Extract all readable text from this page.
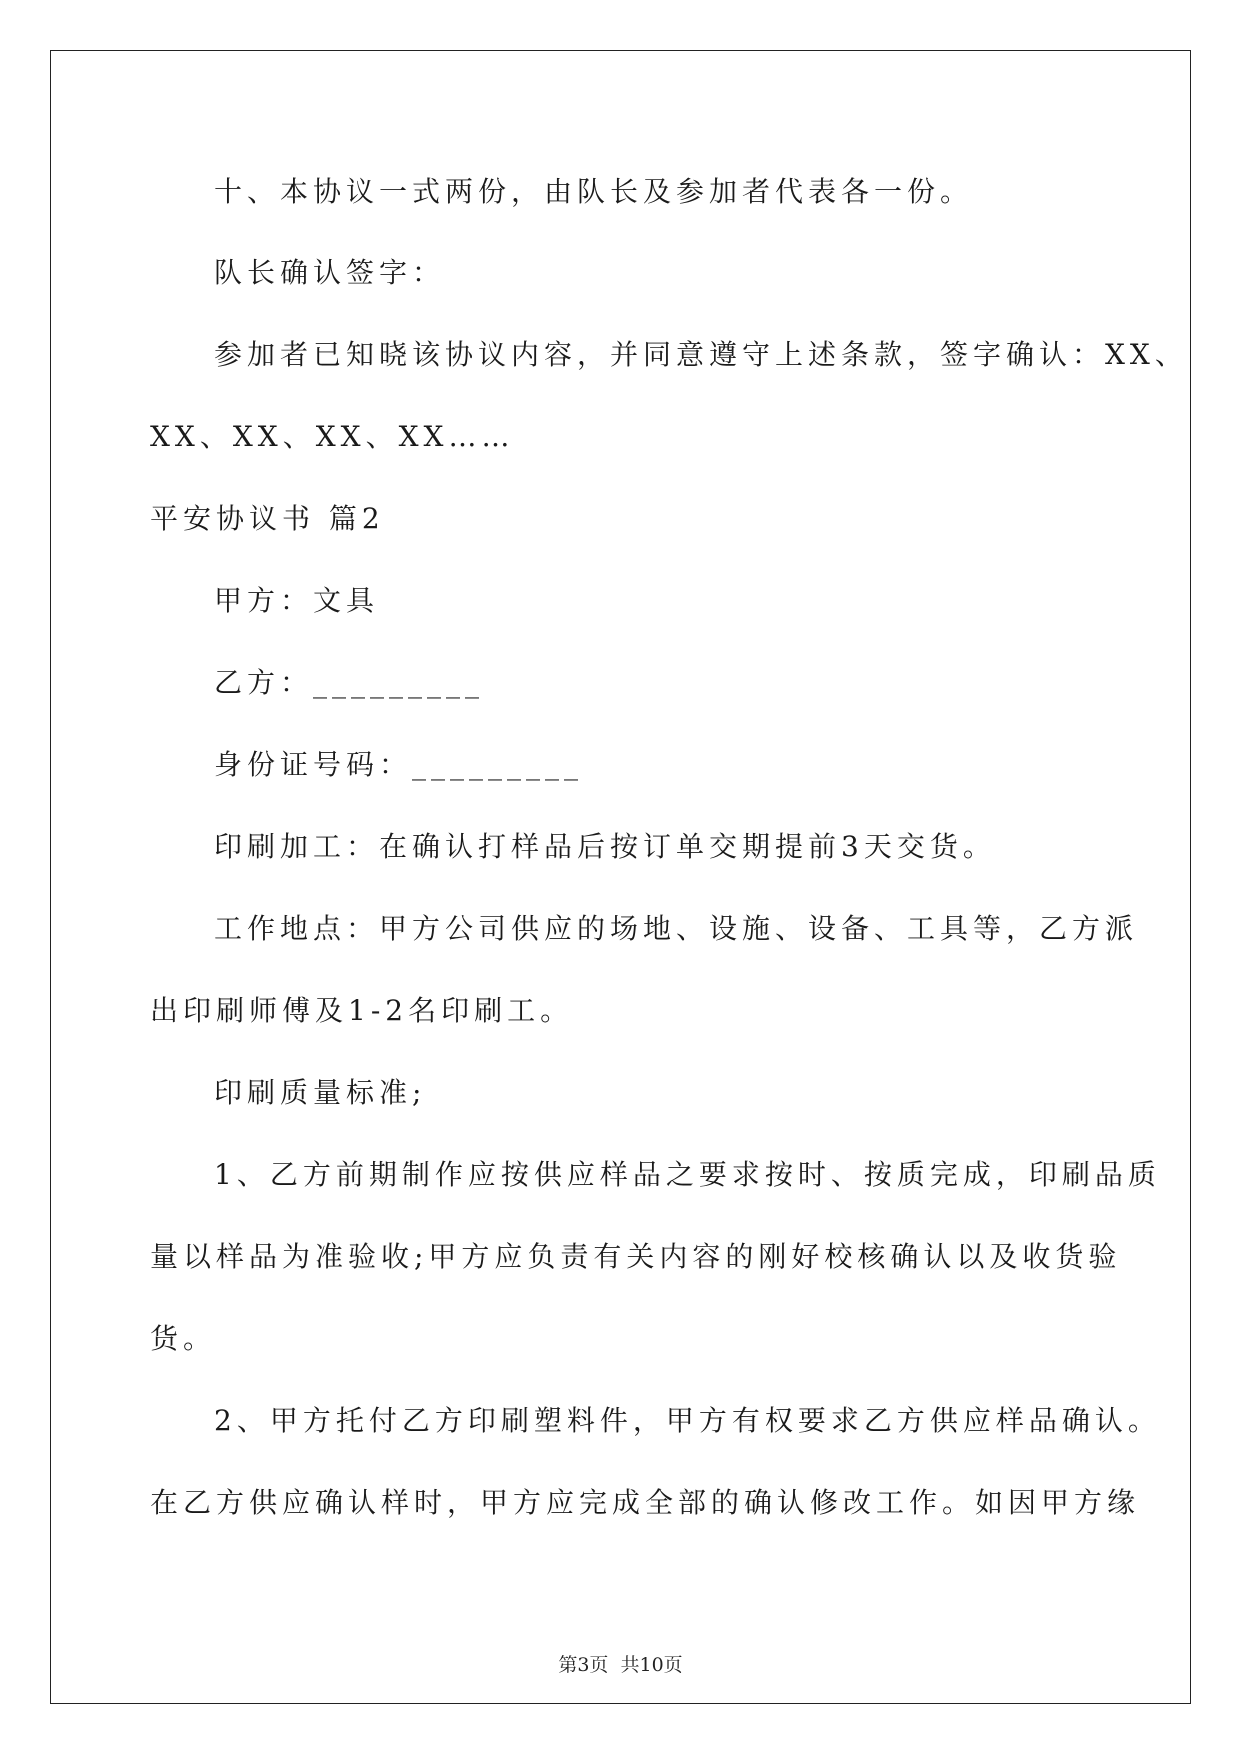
十、本协议一式两份，由队长及参加者代表各一份。
队长确认签字：
参加者已知晓该协议内容，并同意遵守上述条款，签字确认：XX、
XX、XX、XX、XX……
平安协议书 篇2
甲方：文具
乙方：_________
身份证号码：_________
印刷加工：在确认打样品后按订单交期提前3天交货。
工作地点：甲方公司供应的场地、设施、设备、工具等，乙方派
出印刷师傅及1-2名印刷工。
印刷质量标准;
1、乙方前期制作应按供应样品之要求按时、按质完成，印刷品质
量以样品为准验收;甲方应负责有关内容的刚好校核确认以及收货验
货。
2、甲方托付乙方印刷塑料件，甲方有权要求乙方供应样品确认。
在乙方供应确认样时，甲方应完成全部的确认修改工作。如因甲方缘
第3页  共10页
